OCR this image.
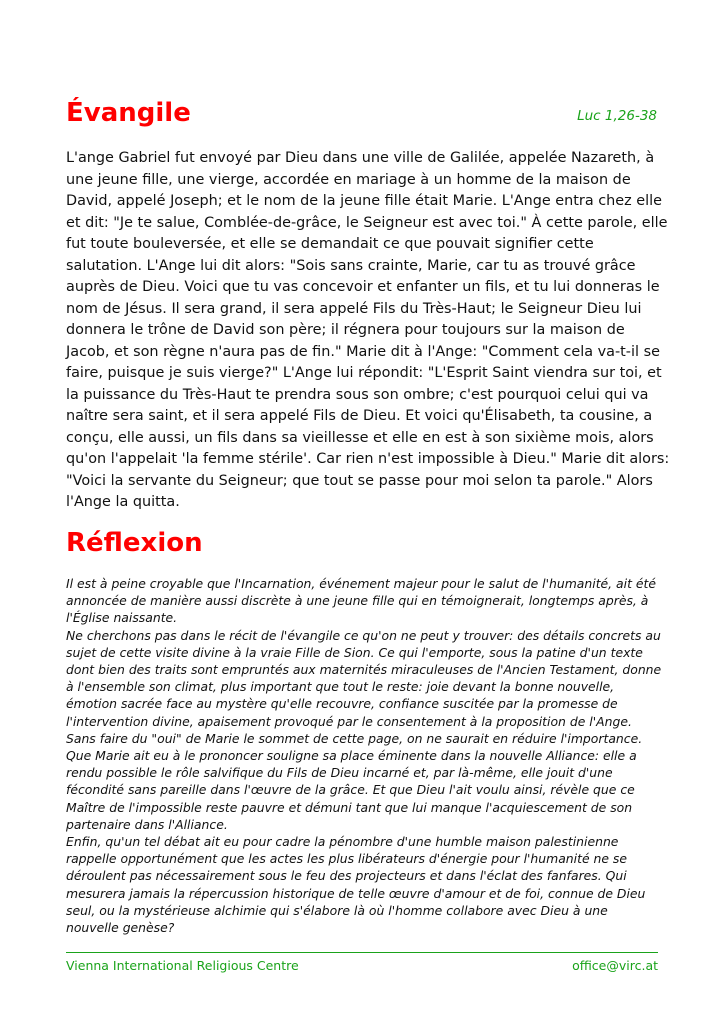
Évangile	Luc 1,26-38

L'ange Gabriel fut envoyé par Dieu dans une ville de Galilée, appelée Nazareth, à une jeune fille, une vierge, accordée en mariage à un homme de la maison de David, appelé Joseph; et le nom de la jeune fille était Marie. L'Ange entra chez elle et dit: "Je te salue, Comblée-de-grâce, le Seigneur est avec toi." À cette parole, elle fut toute bouleversée, et elle se demandait ce que pouvait signifier cette salutation. L'Ange lui dit alors: "Sois sans crainte, Marie, car tu as trouvé grâce auprès de Dieu. Voici que tu vas concevoir et enfanter un fils, et tu lui donneras le nom de Jésus. Il sera grand, il sera appelé Fils du Très-Haut; le Seigneur Dieu lui donnera le trône de David son père; il régnera pour toujours sur la maison de Jacob, et son règne n'aura pas de fin." Marie dit à l'Ange: "Comment cela va-t-il se faire, puisque je suis vierge?" L'Ange lui répondit: "L'Esprit Saint viendra sur toi, et la puissance du Très-Haut te prendra sous son ombre; c'est pourquoi celui qui va naître sera saint, et il sera appelé Fils de Dieu. Et voici qu'Élisabeth, ta cousine, a conçu, elle aussi, un fils dans sa vieillesse et elle en est à son sixième mois, alors qu'on l'appelait 'la femme stérile'. Car rien n'est impossible à Dieu." Marie dit alors: "Voici la servante du Seigneur; que tout se passe pour moi selon ta parole." Alors l'Ange la quitta.

Réflexion

Il est à peine croyable que l'Incarnation, événement majeur pour le salut de l'humanité, ait été annoncée de manière aussi discrète à une jeune fille qui en témoignerait, longtemps après, à l'Église naissante.

Ne cherchons pas dans le récit de l'évangile ce qu'on ne peut y trouver: des détails concrets au sujet de cette visite divine à la vraie Fille de Sion. Ce qui l'emporte, sous la patine d'un texte dont bien des traits sont empruntés aux maternités miraculeuses de l'Ancien Testament, donne à l'ensemble son climat, plus important que tout le reste: joie devant la bonne nouvelle, émotion sacrée face au mystère qu'elle recouvre, confiance suscitée par la promesse de l'intervention divine, apaisement provoqué par le consentement à la proposition de l'Ange.

Sans faire du "oui" de Marie le sommet de cette page, on ne saurait en réduire l'importance. Que Marie ait eu à le prononcer souligne sa place éminente dans la nouvelle Alliance: elle a rendu possible le rôle salvifique du Fils de Dieu incarné et, par là-même, elle jouit d'une fécondité sans pareille dans l'œuvre de la grâce. Et que Dieu l'ait voulu ainsi, révèle que ce Maître de l'impossible reste pauvre et démuni tant que lui manque l'acquiescement de son partenaire dans l'Alliance.

Enfin, qu'un tel débat ait eu pour cadre la pénombre d'une humble maison palestinienne rappelle opportunément que les actes les plus libérateurs d'énergie pour l'humanité ne se déroulent pas nécessairement sous le feu des projecteurs et dans l'éclat des fanfares. Qui mesurera jamais la répercussion historique de telle œuvre d'amour et de foi, connue de Dieu seul, ou la mystérieuse alchimie qui s'élabore là où l'homme collabore avec Dieu à une nouvelle genèse?

Vienna International Religious Centre	office@virc.at
